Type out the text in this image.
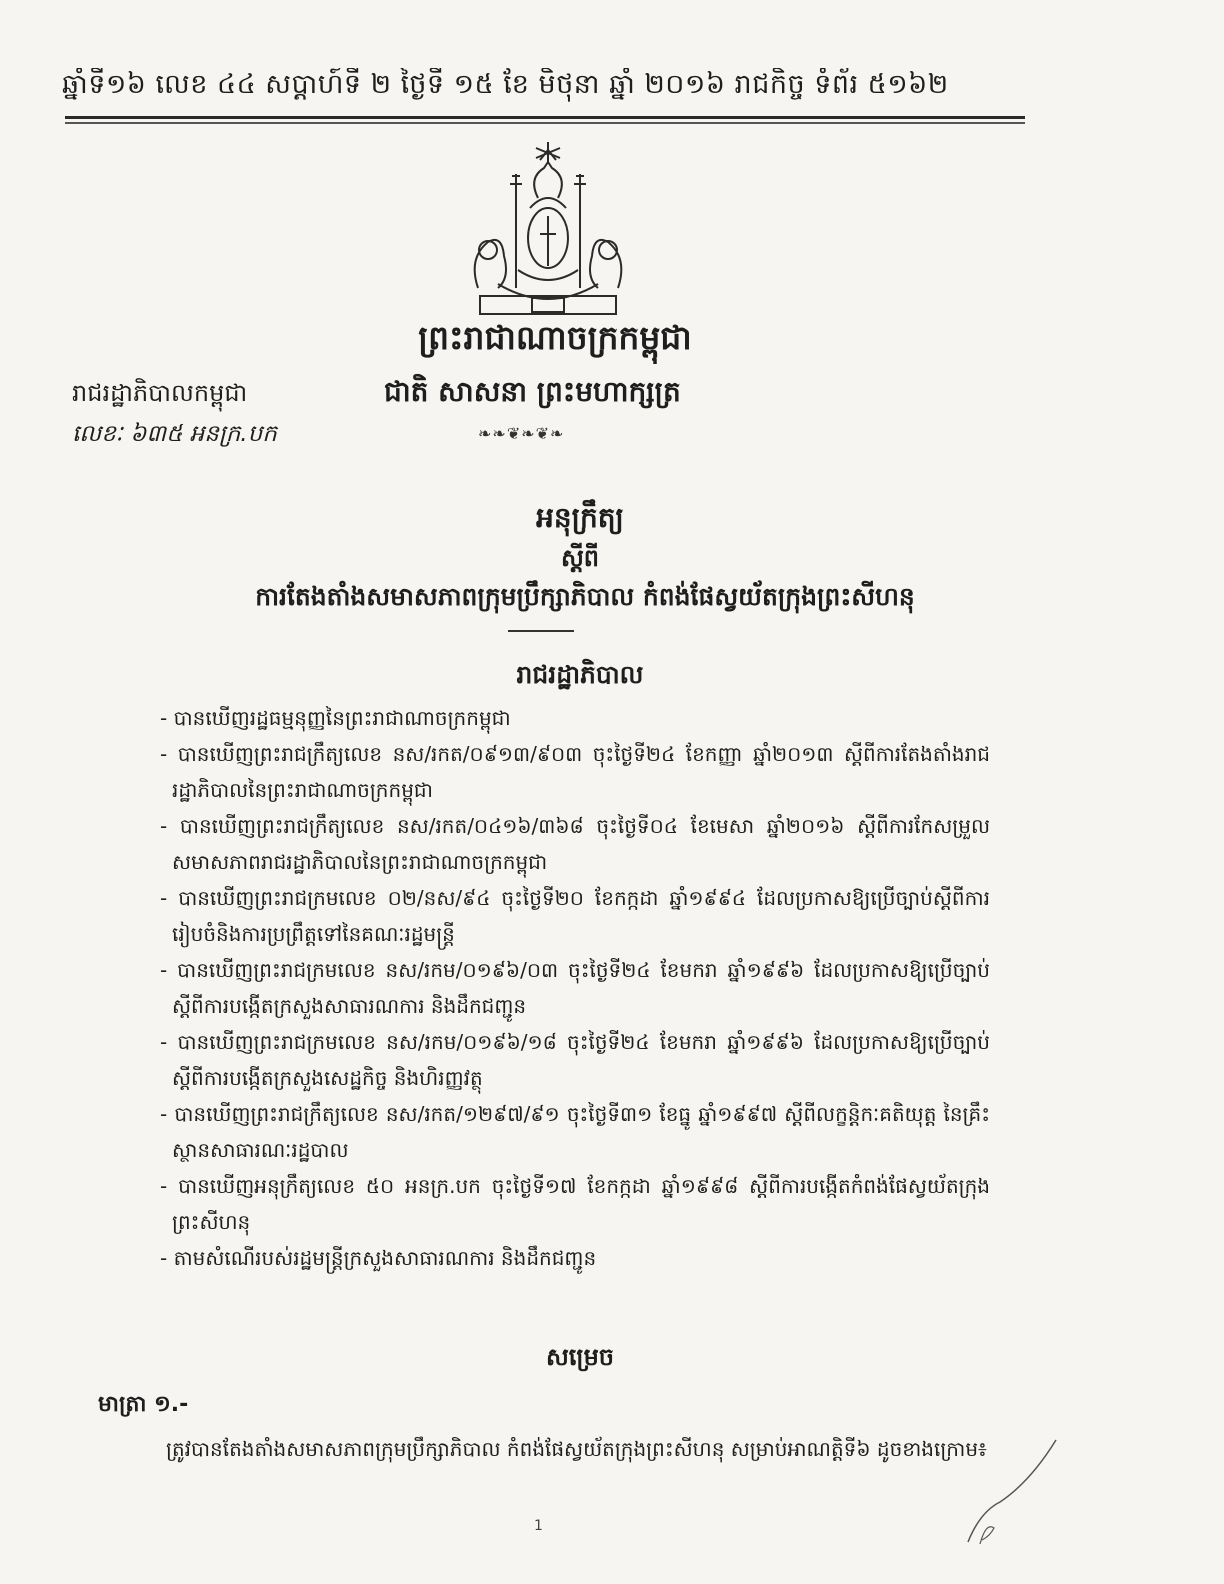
ឆ្នាំទី១៦ លេខ ៤៤ សប្តាហ៍ទី ២ ថ្ងៃទី ១៥ ខែ មិថុនា ឆ្នាំ ២០១៦ រាជកិច្ច ទំព័រ ៥១៦២
ព្រះរាជាណាចក្រកម្ពុជា
រាជរដ្ឋាភិបាលកម្ពុជា	ជាតិ សាសនា ព្រះមហាក្សត្រ
លេខៈ ៦៣៥ អនក្រ.បក	❧❧❦❧❦❧
អនុក្រឹត្យ
ស្តីពី
ការតែងតាំងសមាសភាពក្រុមប្រឹក្សាភិបាល កំពង់ផែស្វយ័តក្រុងព្រះសីហនុ
រាជរដ្ឋាភិបាល
- បានឃើញរដ្ឋធម្មនុញ្ញនៃព្រះរាជាណាចក្រកម្ពុជា
- បានឃើញព្រះរាជក្រឹត្យលេខ នស/រកត/០៩១៣/៩០៣ ចុះថ្ងៃទី២៤ ខែកញ្ញា ឆ្នាំ២០១៣ ស្តីពីការតែងតាំងរាជរដ្ឋាភិបាលនៃព្រះរាជាណាចក្រកម្ពុជា
- បានឃើញព្រះរាជក្រឹត្យលេខ នស/រកត/០៤១៦/៣៦៨ ចុះថ្ងៃទី០៤ ខែមេសា ឆ្នាំ២០១៦ ស្តីពីការកែសម្រួលសមាសភាពរាជរដ្ឋាភិបាលនៃព្រះរាជាណាចក្រកម្ពុជា
- បានឃើញព្រះរាជក្រមលេខ ០២/នស/៩៤ ចុះថ្ងៃទី២០ ខែកក្កដា ឆ្នាំ១៩៩៤ ដែលប្រកាសឱ្យប្រើច្បាប់ស្តីពីការរៀបចំនិងការប្រព្រឹត្តទៅនៃគណៈរដ្ឋមន្ត្រី
- បានឃើញព្រះរាជក្រមលេខ នស/រកម/០១៩៦/០៣ ចុះថ្ងៃទី២៤ ខែមករា ឆ្នាំ១៩៩៦ ដែលប្រកាសឱ្យប្រើច្បាប់ស្តីពីការបង្កើតក្រសួងសាធារណការ និងដឹកជញ្ជូន
- បានឃើញព្រះរាជក្រមលេខ នស/រកម/០១៩៦/១៨ ចុះថ្ងៃទី២៤ ខែមករា ឆ្នាំ១៩៩៦ ដែលប្រកាសឱ្យប្រើច្បាប់ស្តីពីការបង្កើតក្រសួងសេដ្ឋកិច្ច និងហិរញ្ញវត្ថុ
- បានឃើញព្រះរាជក្រឹត្យលេខ នស/រកត/១២៩៧/៩១ ចុះថ្ងៃទី៣១ ខែធ្នូ ឆ្នាំ១៩៩៧ ស្តីពីលក្ខន្តិកៈគតិយុត្ត នៃគ្រឹះស្ថានសាធារណៈរដ្ឋបាល
- បានឃើញអនុក្រឹត្យលេខ ៥០ អនក្រ.បក ចុះថ្ងៃទី១៧ ខែកក្កដា ឆ្នាំ១៩៩៨ ស្តីពីការបង្កើតកំពង់ផែស្វយ័តក្រុងព្រះសីហនុ
- តាមសំណើរបស់រដ្ឋមន្ត្រីក្រសួងសាធារណការ និងដឹកជញ្ជូន
សម្រេច
មាត្រា ១.-

ត្រូវបានតែងតាំងសមាសភាពក្រុមប្រឹក្សាភិបាល កំពង់ផែស្វយ័តក្រុងព្រះសីហនុ សម្រាប់អាណត្តិទី៦ ដូចខាងក្រោម៖

1
